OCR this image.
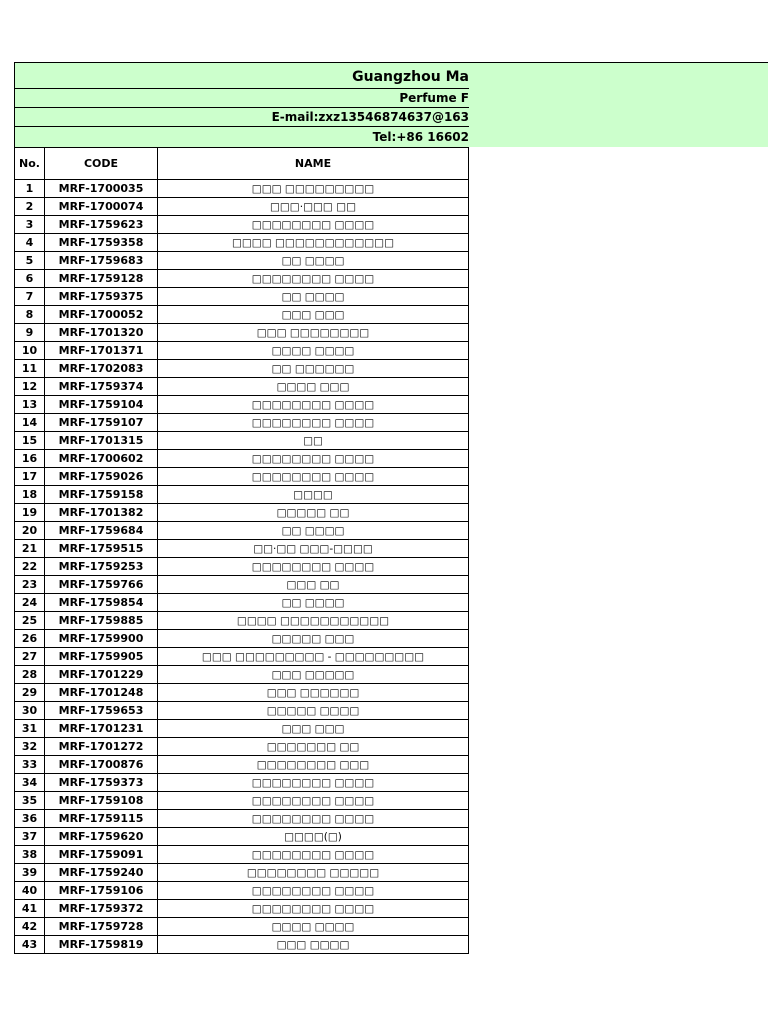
Guangzhou Ma
Perfume F
E-mail:zxz13546874637@163
Tel:+86 16602
No.	CODE	NAME
1	MRF-1700035	□□□ □□□□□□□□□
2	MRF-1700074	□□□·□□□ □□
3	MRF-1759623	□□□□□□□□ □□□□
4	MRF-1759358	□□□□ □□□□□□□□□□□□
5	MRF-1759683	□□ □□□□
6	MRF-1759128	□□□□□□□□ □□□□
7	MRF-1759375	□□ □□□□
8	MRF-1700052	□□□ □□□
9	MRF-1701320	□□□ □□□□□□□□
10	MRF-1701371	□□□□ □□□□
11	MRF-1702083	□□ □□□□□□
12	MRF-1759374	□□□□ □□□
13	MRF-1759104	□□□□□□□□ □□□□
14	MRF-1759107	□□□□□□□□ □□□□
15	MRF-1701315	□□
16	MRF-1700602	□□□□□□□□ □□□□
17	MRF-1759026	□□□□□□□□ □□□□
18	MRF-1759158	□□□□
19	MRF-1701382	□□□□□ □□
20	MRF-1759684	□□ □□□□
21	MRF-1759515	□□·□□ □□□-□□□□
22	MRF-1759253	□□□□□□□□ □□□□
23	MRF-1759766	□□□ □□
24	MRF-1759854	□□ □□□□
25	MRF-1759885	□□□□ □□□□□□□□□□□
26	MRF-1759900	□□□□□ □□□
27	MRF-1759905	□□□ □□□□□□□□□ - □□□□□□□□□
28	MRF-1701229	□□□ □□□□□
29	MRF-1701248	□□□ □□□□□□
30	MRF-1759653	□□□□□ □□□□
31	MRF-1701231	□□□ □□□
32	MRF-1701272	□□□□□□□ □□
33	MRF-1700876	□□□□□□□□ □□□
34	MRF-1759373	□□□□□□□□ □□□□
35	MRF-1759108	□□□□□□□□ □□□□
36	MRF-1759115	□□□□□□□□ □□□□
37	MRF-1759620	□□□□(□)
38	MRF-1759091	□□□□□□□□ □□□□
39	MRF-1759240	□□□□□□□□ □□□□□
40	MRF-1759106	□□□□□□□□ □□□□
41	MRF-1759372	□□□□□□□□ □□□□
42	MRF-1759728	□□□□ □□□□
43	MRF-1759819	□□□ □□□□
